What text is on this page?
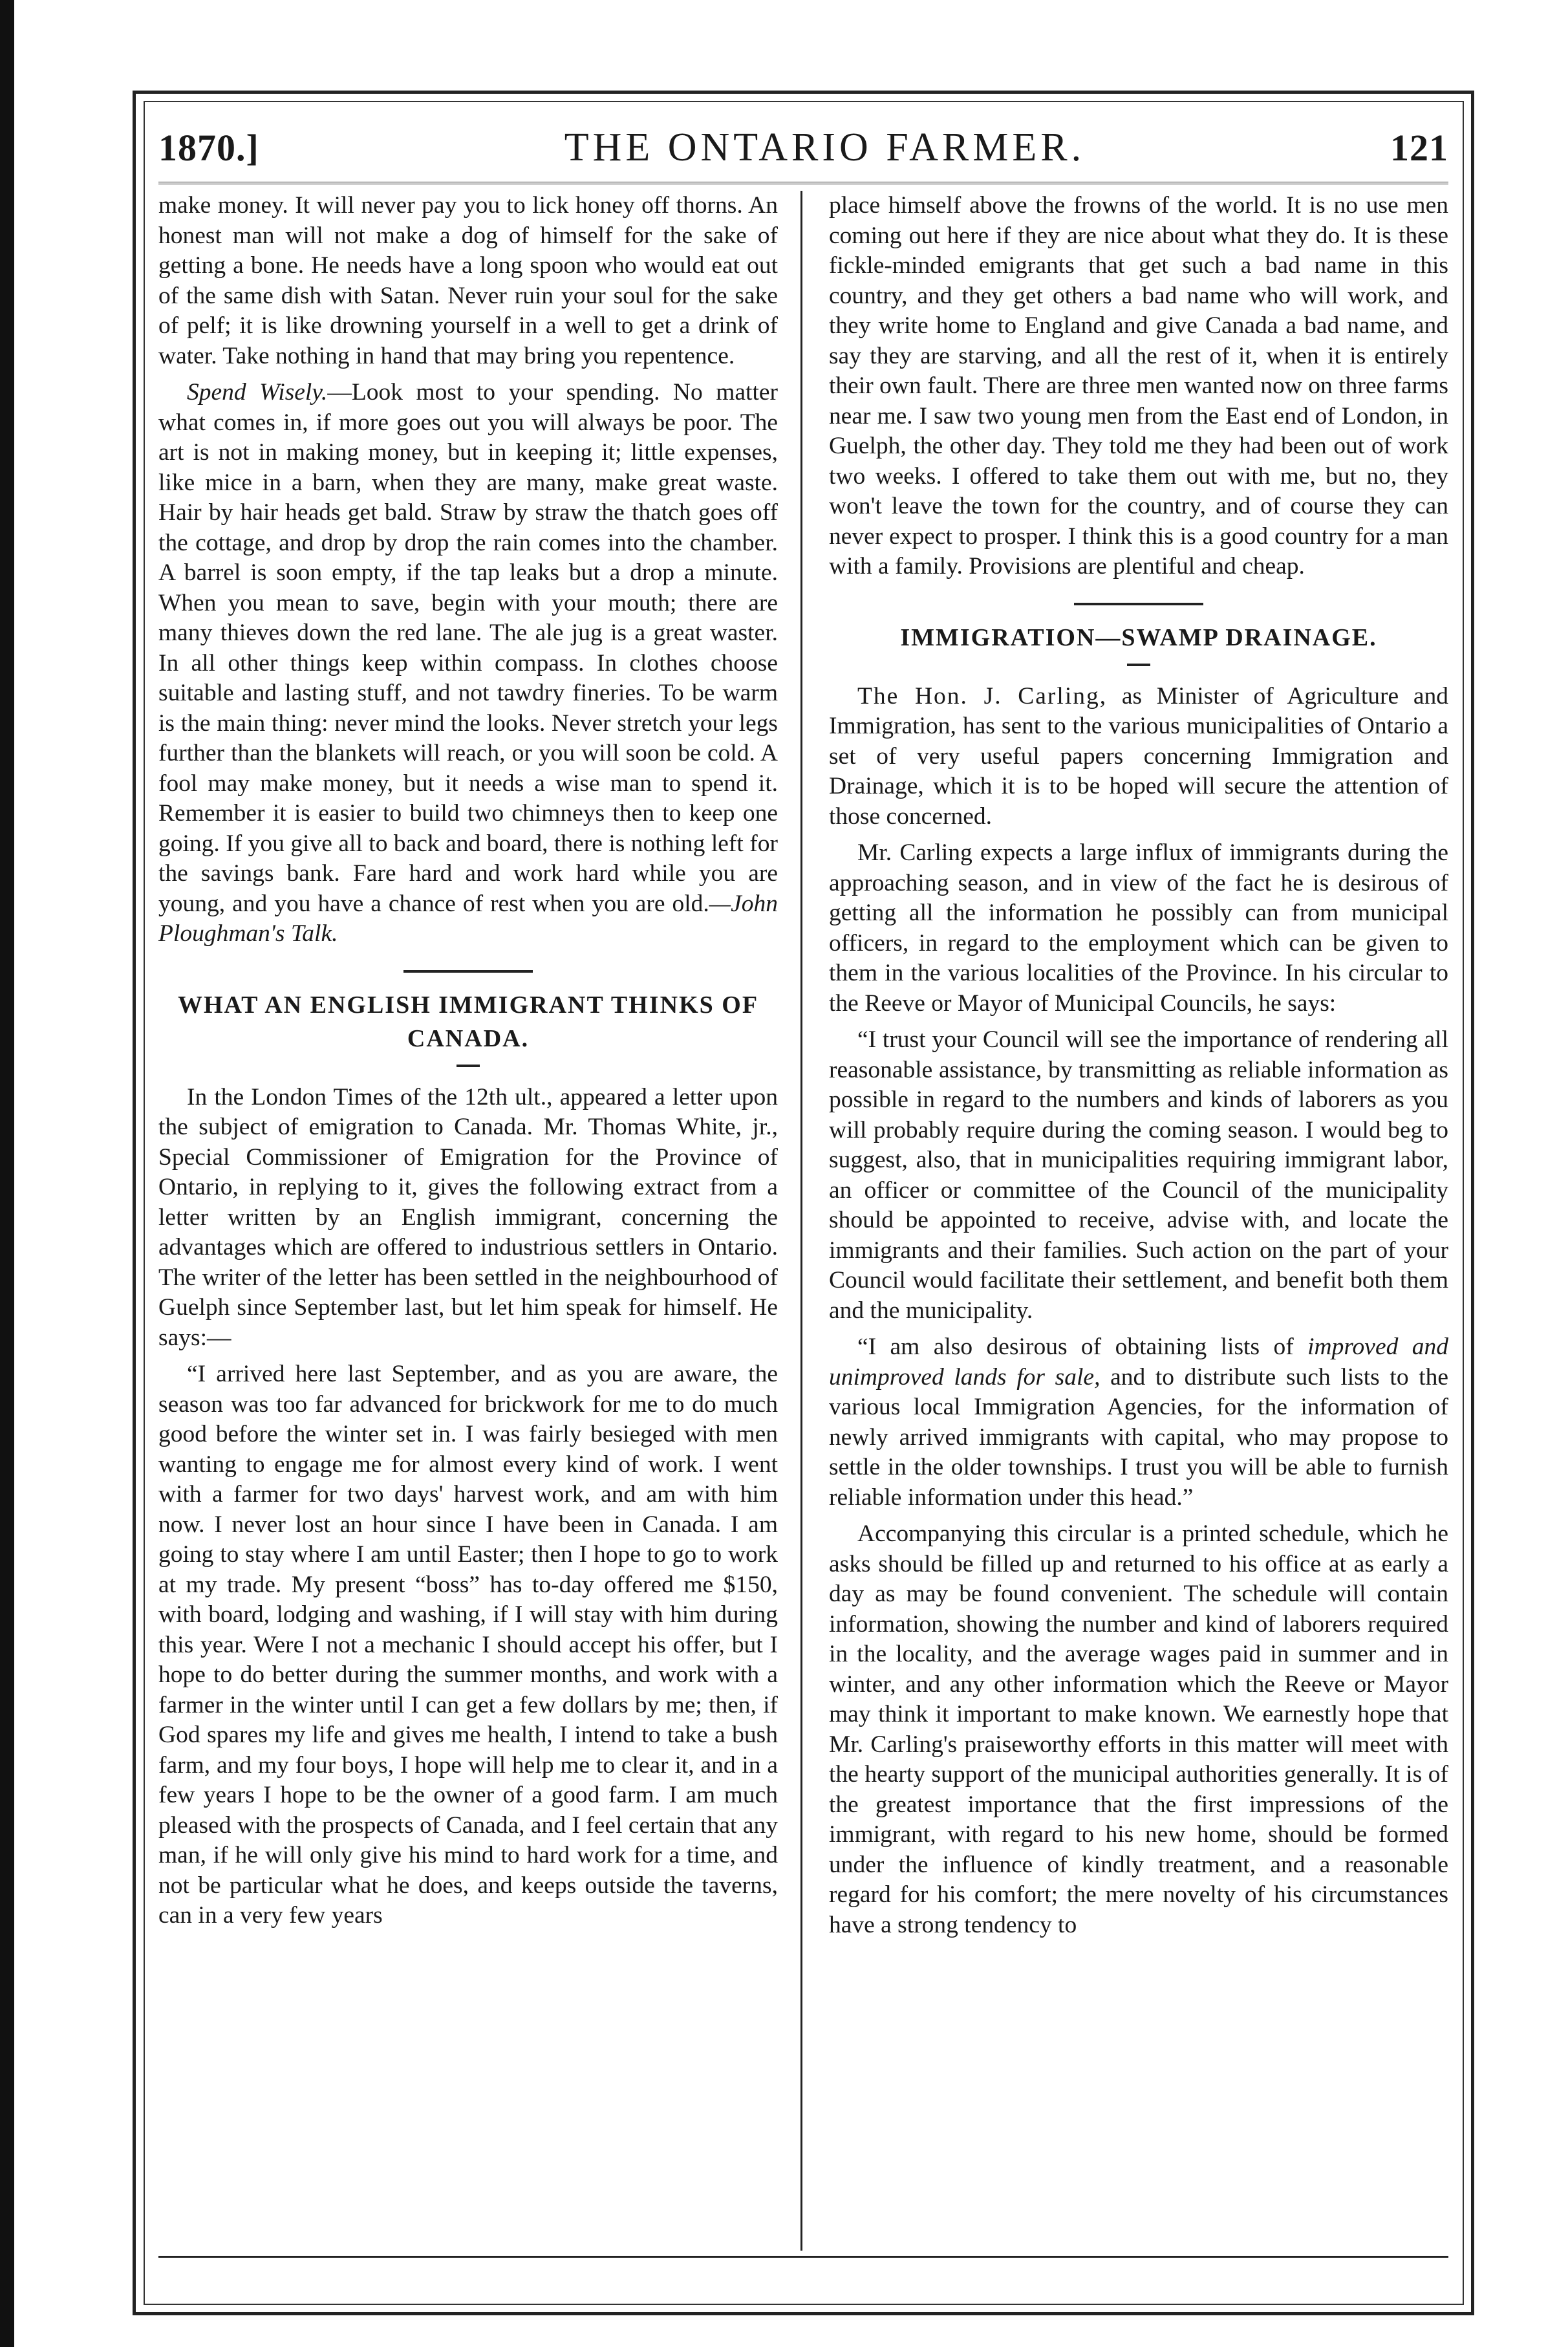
1870.]	THE ONTARIO FARMER.	121

make money. It will never pay you to lick honey off thorns. An honest man will not make a dog of himself for the sake of getting a bone. He needs have a long spoon who would eat out of the same dish with Satan. Never ruin your soul for the sake of pelf; it is like drowning yourself in a well to get a drink of water. Take nothing in hand that may bring you repentence.

Spend Wisely.—Look most to your spending. No matter what comes in, if more goes out you will always be poor. The art is not in making money, but in keeping it; little expenses, like mice in a barn, when they are many, make great waste. Hair by hair heads get bald. Straw by straw the thatch goes off the cottage, and drop by drop the rain comes into the chamber. A barrel is soon empty, if the tap leaks but a drop a minute. When you mean to save, begin with your mouth; there are many thieves down the red lane. The ale jug is a great waster. In all other things keep within compass. In clothes choose suitable and lasting stuff, and not tawdry fineries. To be warm is the main thing: never mind the looks. Never stretch your legs further than the blankets will reach, or you will soon be cold. A fool may make money, but it needs a wise man to spend it. Remember it is easier to build two chimneys then to keep one going. If you give all to back and board, there is nothing left for the savings bank. Fare hard and work hard while you are young, and you have a chance of rest when you are old.—John Ploughman's Talk.

WHAT AN ENGLISH IMMIGRANT THINKS OF CANADA.

In the London Times of the 12th ult., appeared a letter upon the subject of emigration to Canada. Mr. Thomas White, jr., Special Commissioner of Emigration for the Province of Ontario, in replying to it, gives the following extract from a letter written by an English immigrant, concerning the advantages which are offered to industrious settlers in Ontario. The writer of the letter has been settled in the neighbourhood of Guelph since September last, but let him speak for himself. He says:—

“I arrived here last September, and as you are aware, the season was too far advanced for brickwork for me to do much good before the winter set in. I was fairly besieged with men wanting to engage me for almost every kind of work. I went with a farmer for two days' harvest work, and am with him now. I never lost an hour since I have been in Canada. I am going to stay where I am until Easter; then I hope to go to work at my trade. My present “boss” has to-day offered me $150, with board, lodging and washing, if I will stay with him during this year. Were I not a mechanic I should accept his offer, but I hope to do better during the summer months, and work with a farmer in the winter until I can get a few dollars by me; then, if God spares my life and gives me health, I intend to take a bush farm, and my four boys, I hope will help me to clear it, and in a few years I hope to be the owner of a good farm. I am much pleased with the prospects of Canada, and I feel certain that any man, if he will only give his mind to hard work for a time, and not be particular what he does, and keeps outside the taverns, can in a very few years

place himself above the frowns of the world. It is no use men coming out here if they are nice about what they do. It is these fickle-minded emigrants that get such a bad name in this country, and they get others a bad name who will work, and they write home to England and give Canada a bad name, and say they are starving, and all the rest of it, when it is entirely their own fault. There are three men wanted now on three farms near me. I saw two young men from the East end of London, in Guelph, the other day. They told me they had been out of work two weeks. I offered to take them out with me, but no, they won't leave the town for the country, and of course they can never expect to prosper. I think this is a good country for a man with a family. Provisions are plentiful and cheap.

IMMIGRATION—SWAMP DRAINAGE.

The Hon. J. Carling, as Minister of Agriculture and Immigration, has sent to the various municipalities of Ontario a set of very useful papers concerning Immigration and Drainage, which it is to be hoped will secure the attention of those concerned.

Mr. Carling expects a large influx of immigrants during the approaching season, and in view of the fact he is desirous of getting all the information he possibly can from municipal officers, in regard to the employment which can be given to them in the various localities of the Province. In his circular to the Reeve or Mayor of Municipal Councils, he says:

“I trust your Council will see the importance of rendering all reasonable assistance, by transmitting as reliable information as possible in regard to the numbers and kinds of laborers as you will probably require during the coming season. I would beg to suggest, also, that in municipalities requiring immigrant labor, an officer or committee of the Council of the municipality should be appointed to receive, advise with, and locate the immigrants and their families. Such action on the part of your Council would facilitate their settlement, and benefit both them and the municipality.

“I am also desirous of obtaining lists of improved and unimproved lands for sale, and to distribute such lists to the various local Immigration Agencies, for the information of newly arrived immigrants with capital, who may propose to settle in the older townships. I trust you will be able to furnish reliable information under this head.”

Accompanying this circular is a printed schedule, which he asks should be filled up and returned to his office at as early a day as may be found convenient. The schedule will contain information, showing the number and kind of laborers required in the locality, and the average wages paid in summer and in winter, and any other information which the Reeve or Mayor may think it important to make known. We earnestly hope that Mr. Carling's praiseworthy efforts in this matter will meet with the hearty support of the municipal authorities generally. It is of the greatest importance that the first impressions of the immigrant, with regard to his new home, should be formed under the influence of kindly treatment, and a reasonable regard for his comfort; the mere novelty of his circumstances have a strong tendency to
